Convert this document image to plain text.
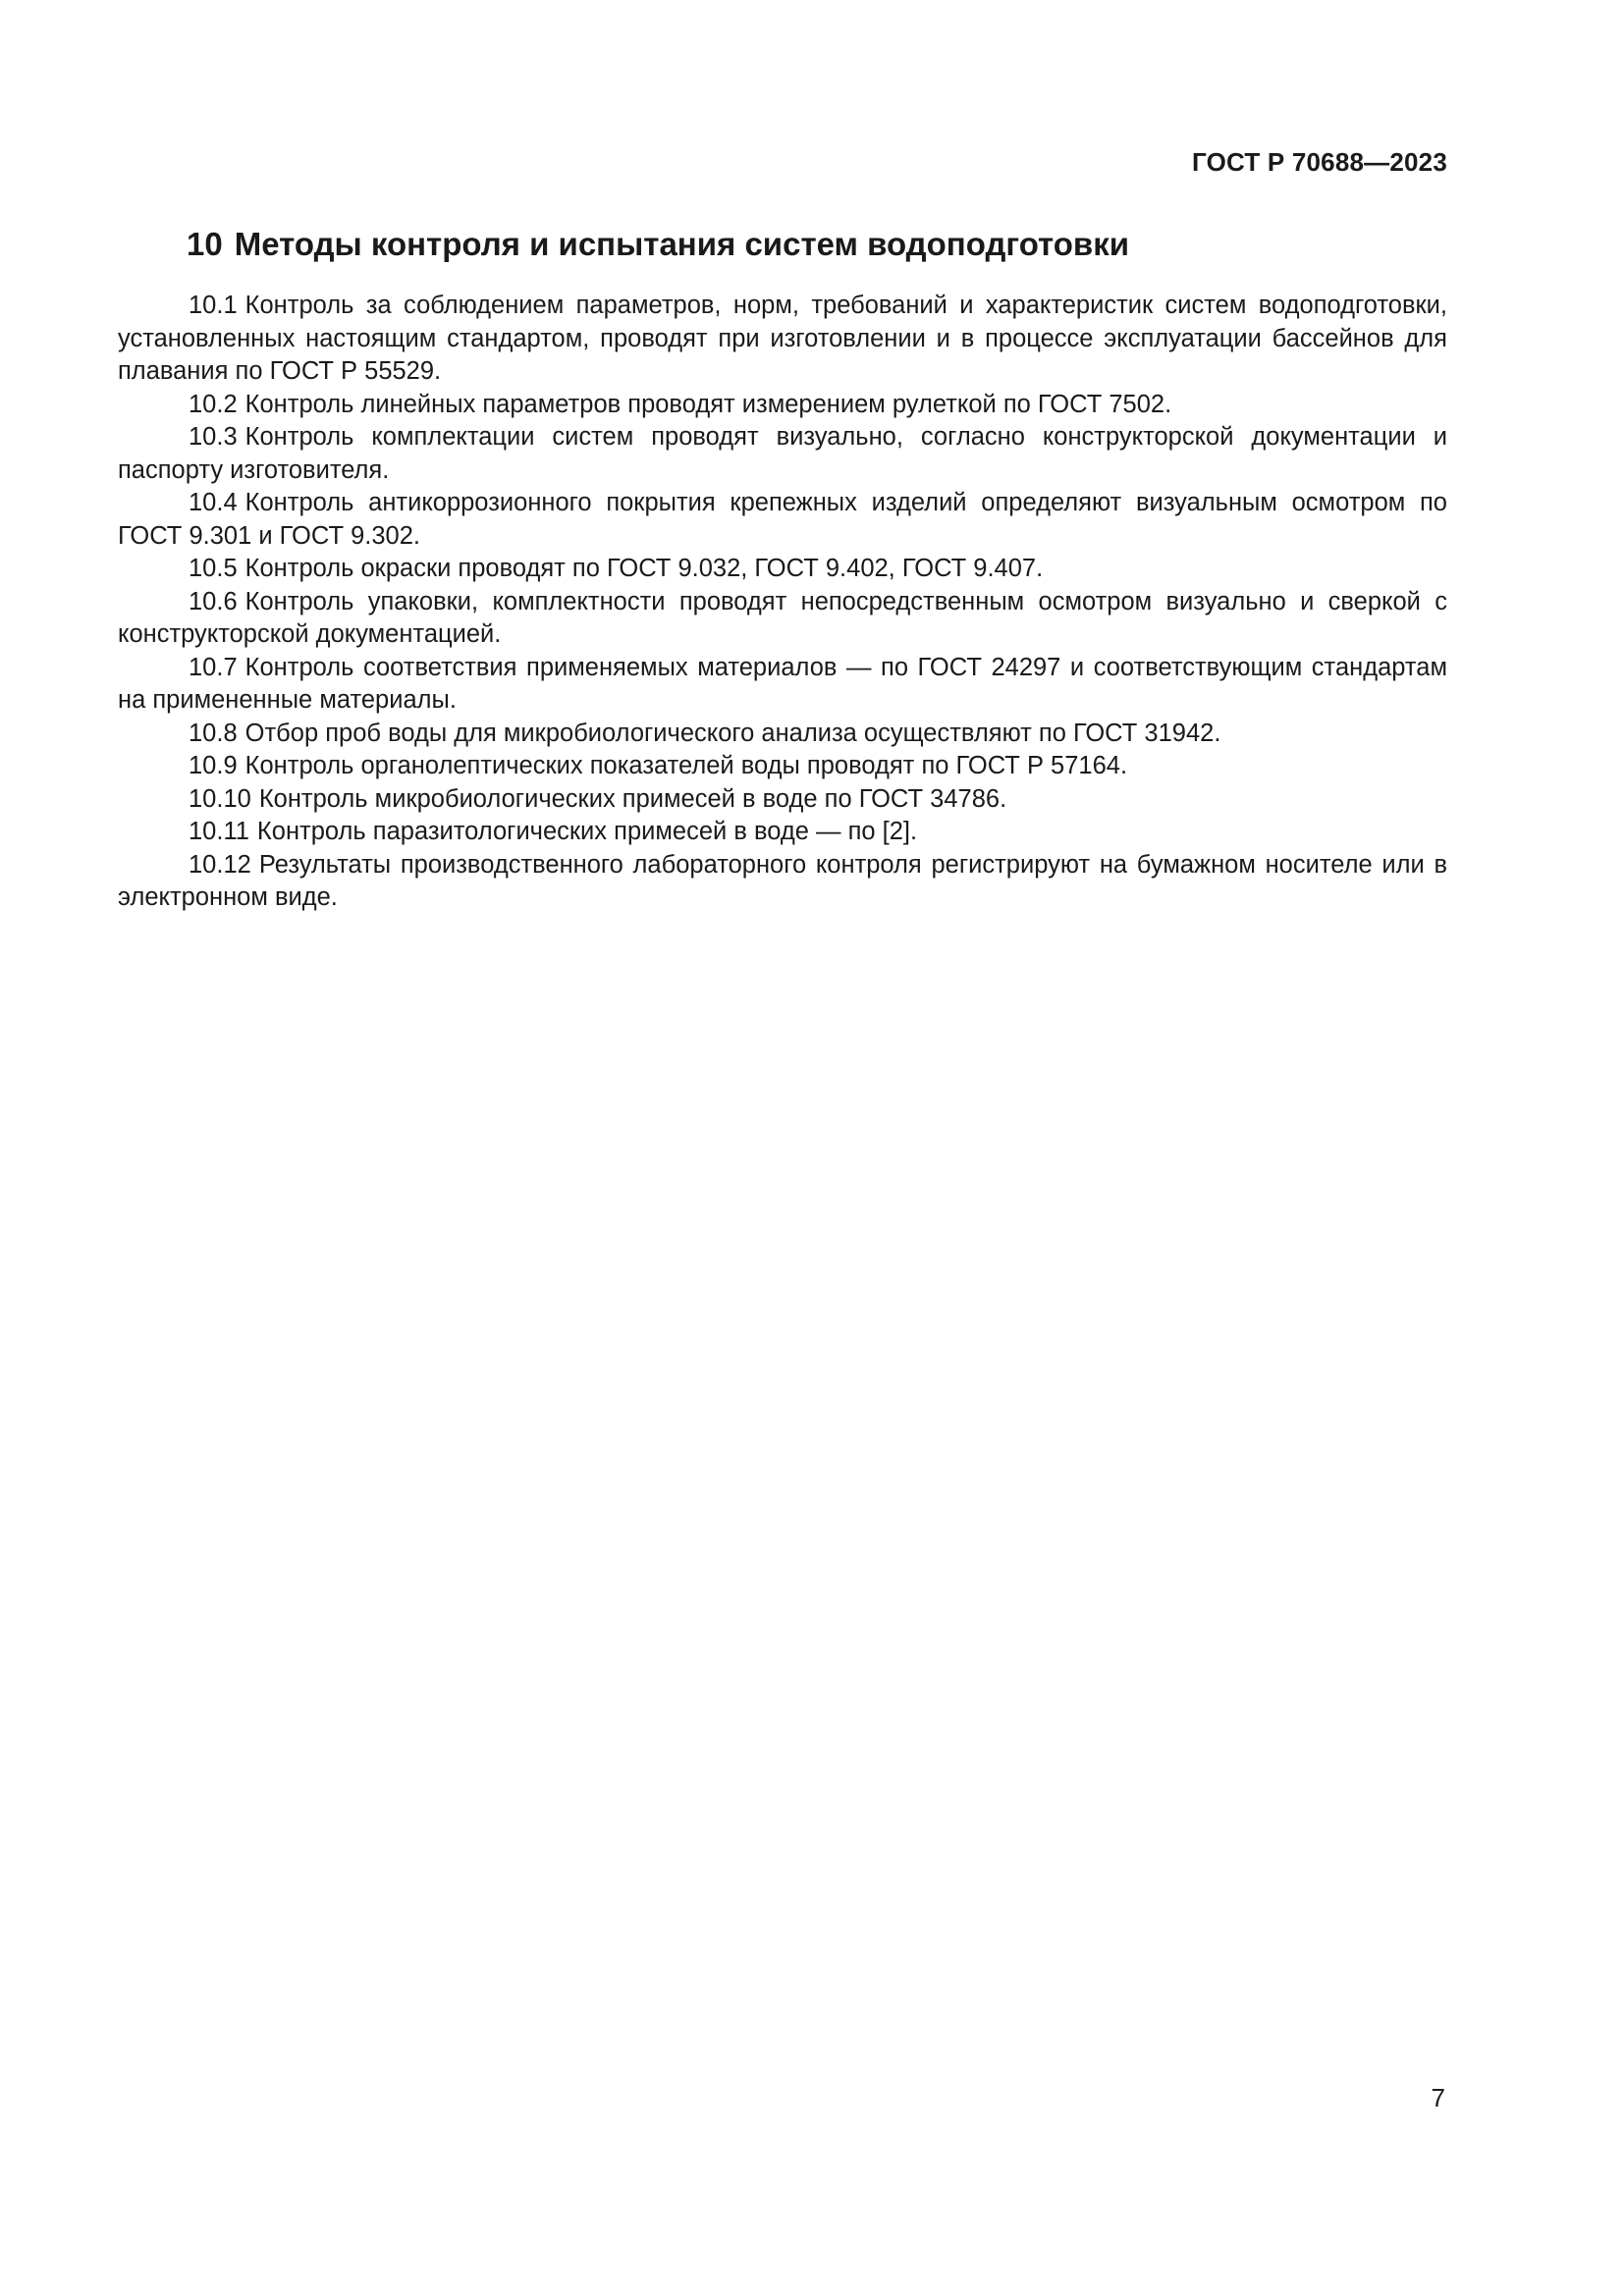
ГОСТ Р 70688—2023

10 Методы контроля и испытания систем водоподготовки

10.1 Контроль за соблюдением параметров, норм, требований и характеристик систем водоподготовки, установленных настоящим стандартом, проводят при изготовлении и в процессе эксплуатации бассейнов для плавания по ГОСТ Р 55529.

10.2 Контроль линейных параметров проводят измерением рулеткой по ГОСТ 7502.

10.3 Контроль комплектации систем проводят визуально, согласно конструкторской документации и паспорту изготовителя.

10.4 Контроль антикоррозионного покрытия крепежных изделий определяют визуальным осмотром по ГОСТ 9.301 и ГОСТ 9.302.

10.5 Контроль окраски проводят по ГОСТ 9.032, ГОСТ 9.402, ГОСТ 9.407.

10.6 Контроль упаковки, комплектности проводят непосредственным осмотром визуально и сверкой с конструкторской документацией.

10.7 Контроль соответствия применяемых материалов — по ГОСТ 24297 и соответствующим стандартам на примененные материалы.

10.8 Отбор проб воды для микробиологического анализа осуществляют по ГОСТ 31942.

10.9 Контроль органолептических показателей воды проводят по ГОСТ Р 57164.

10.10 Контроль микробиологических примесей в воде по ГОСТ 34786.

10.11 Контроль паразитологических примесей в воде — по [2].

10.12 Результаты производственного лабораторного контроля регистрируют на бумажном носителе или в электронном виде.

7
